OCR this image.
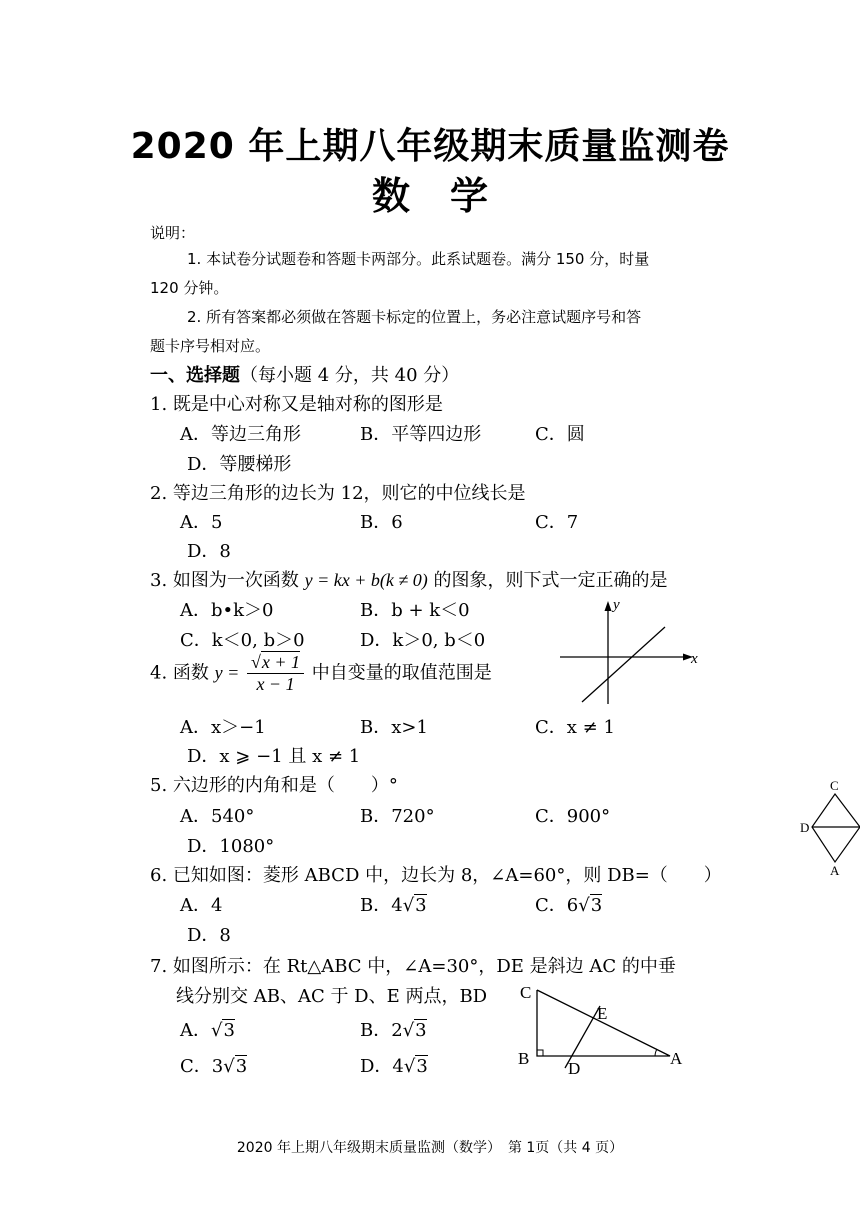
2020 年上期八年级期末质量监测卷
数学
说明：
1. 本试卷分试题卷和答题卡两部分。此系试题卷。满分 150 分，时量
120 分钟。
2. 所有答案都必须做在答题卡标定的位置上，务必注意试题序号和答
题卡序号相对应。
一、选择题（每小题 4 分，共 40 分）
1. 既是中心对称又是轴对称的图形是
A．等边三角形	B．平等四边形	C．圆
D．等腰梯形
2. 等边三角形的边长为 12，则它的中位线长是
A．5	B．6	C．7
D．8
3. 如图为一次函数 y = kx + b(k ≠ 0) 的图象，则下式一定正确的是
A．b•k＞0	B．b + k＜0
C．k＜0, b＞0	D．k＞0, b＜0
4. 函数 $y = \frac{√x + 1}{x - 1}$ 中自变量的取值范围是
A．x＞−1	B．x>1	C．x ≠ 1
D．x ⩾ −1 且 x ≠ 1
5. 六边形的内角和是（　　）°
A．540°	B．720°	C．900°
D．1080°
6. 已知如图：菱形 ABCD 中，边长为 8，∠A=60°，则 DB=（　　）
A．4	B．4√3	C．6√3
D．8
7. 如图所示：在 Rt△ABC 中，∠A=30°，DE 是斜边 AC 的中垂
线分别交 AB、AC 于 D、E 两点，BD
A．√3	B．2√3
C．3√3	D．4√3
x
y
C
D
A
C
E
B
D
A
2020 年上期八年级期末质量监测（数学）　第 1页（共 4 页）
